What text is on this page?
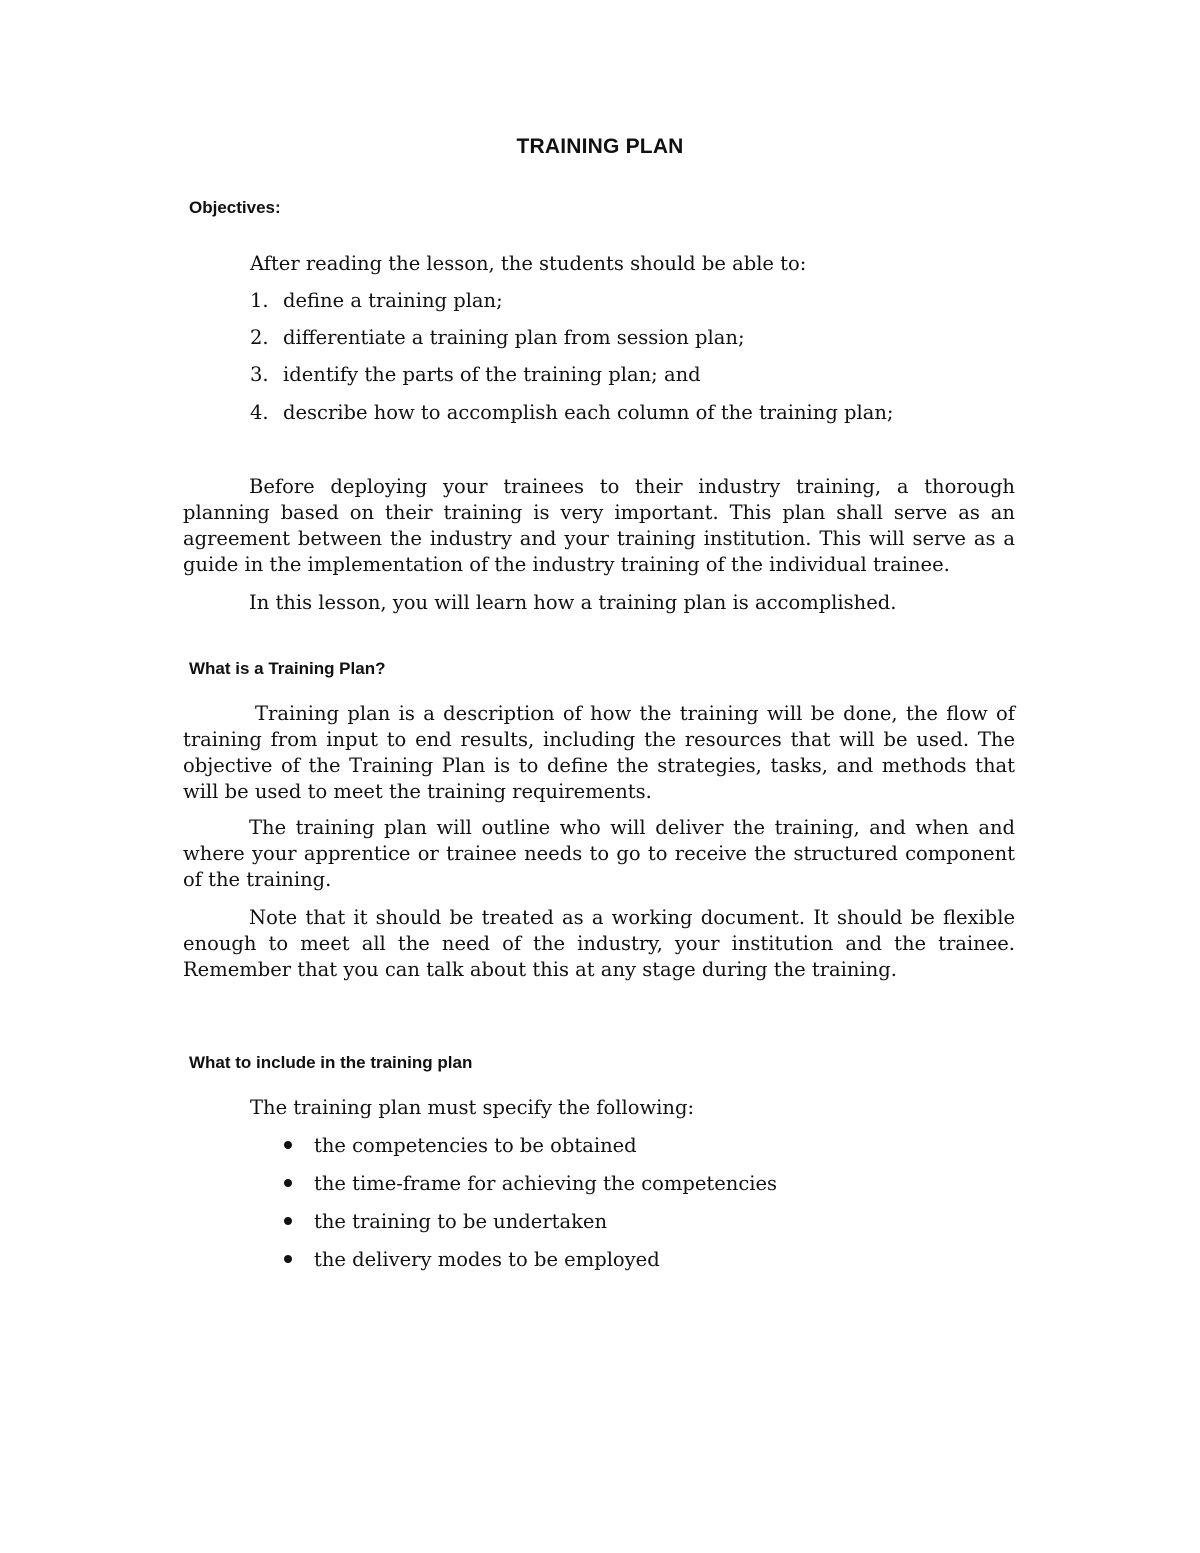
TRAINING PLAN
Objectives:
After reading the lesson, the students should be able to:
1. define a training plan;
2. differentiate a training plan from session plan;
3. identify the parts of the training plan; and
4. describe how to accomplish each column of the training plan;
Before deploying your trainees to their industry training, a thorough planning based on their training is very important. This plan shall serve as an agreement between the industry and your training institution. This will serve as a guide in the implementation of the industry training of the individual trainee.
In this lesson, you will learn how a training plan is accomplished.
What is a Training Plan?
Training plan is a description of how the training will be done, the flow of training from input to end results, including the resources that will be used. The objective of the Training Plan is to define the strategies, tasks, and methods that will be used to meet the training requirements.
The training plan will outline who will deliver the training, and when and where your apprentice or trainee needs to go to receive the structured component of the training.
Note that it should be treated as a working document. It should be flexible enough to meet all the need of the industry, your institution and the trainee. Remember that you can talk about this at any stage during the training.
What to include in the training plan
The training plan must specify the following:
the competencies to be obtained
the time-frame for achieving the competencies
the training to be undertaken
the delivery modes to be employed
